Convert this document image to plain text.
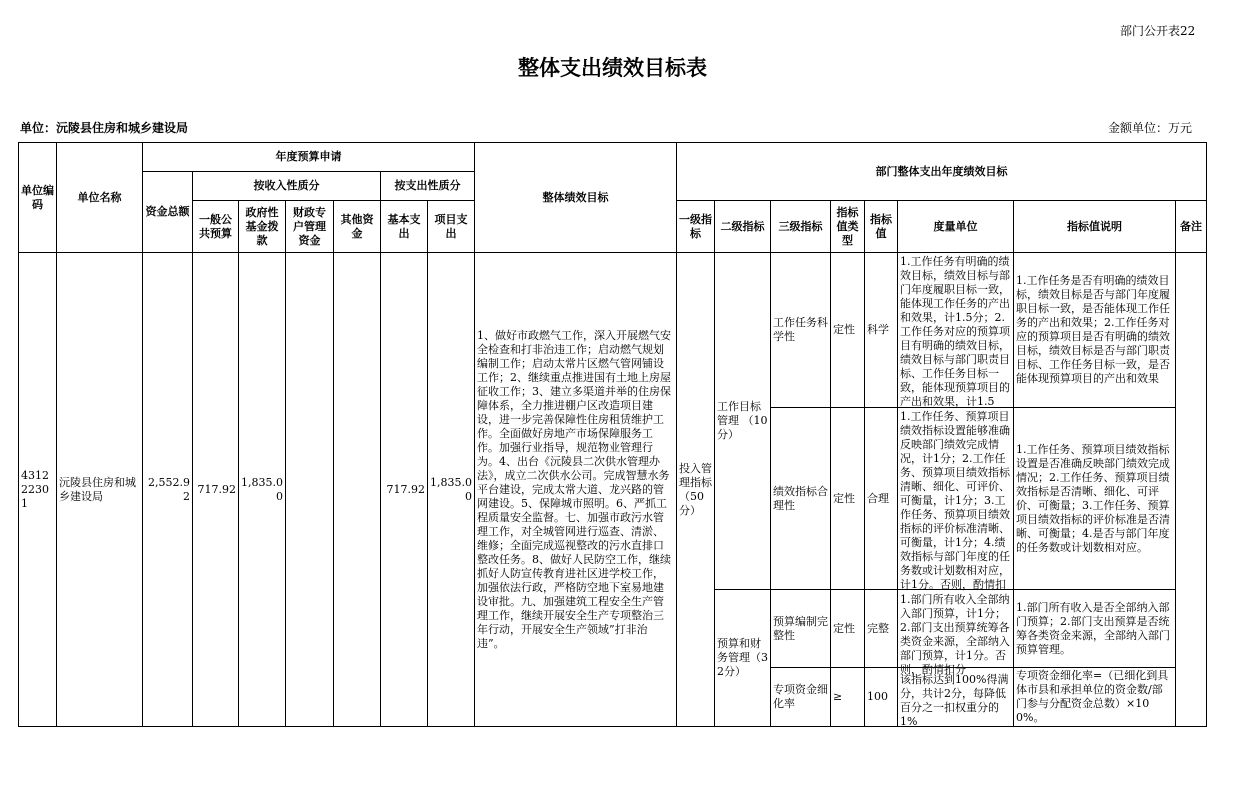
部门公开表22
整体支出绩效目标表
单位：沅陵县住房和城乡建设局	金额单位：万元
单位编码	单位名称	年度预算申请							整体绩效目标	部门整体支出年度绩效目标							
		资金总额	按收入性质分				按支出性质分										
			一般公共预算	政府性基金拨款	财政专户管理资金	其他资金	基本支出	项目支出		一级指标	二级指标	三级指标	指标值类型	指标值	度量单位	指标值说明	备注
431222301	沅陵县住房和城乡建设局	2,552.92	717.92	1,835.00			717.92	1,835.00	1、做好市政燃气工作，深入开展燃气安全检查和打非治违工作；启动燃气规划编制工作；启动太常片区燃气管网铺设工作；2、继续重点推进国有土地上房屋征收工作；3、建立多渠道并举的住房保障体系，全力推进棚户区改造项目建设，进一步完善保障性住房租赁维护工作。全面做好房地产市场保障服务工作。加强行业指导，规范物业管理行为。4、出台《沅陵县二次供水管理办法》，成立二次供水公司。完成智慧水务平台建设，完成太常大道、龙兴路的管网建设。5、保障城市照明。6、严抓工程质量安全监督。七、加强市政污水管理工作，对全城管网进行巡查、清淤、维修；全面完成巡视整改的污水直排口整改任务。8、做好人民防空工作，继续抓好人防宣传教育进社区进学校工作，加强依法行政，严格防空地下室易地建设审批。九、加强建筑工程安全生产管理工作，继续开展安全生产专项整治三年行动，开展安全生产领域”打非治违”。	投入管理指标（50分）	工作目标管理 （10分）	工作任务科学性	定性	科学	1.工作任务有明确的绩效目标，绩效目标与部门年度履职目标一致，能体现工作任务的产出和效果，计1.5分；2.工作任务对应的预算项目有明确的绩效目标，绩效目标与部门职责目标、工作任务目标一致，能体现预算项目的产出和效果，计1.5	1.工作任务是否有明确的绩效目标，绩效目标是否与部门年度履职目标一致，是否能体现工作任务的产出和效果；2.工作任务对应的预算项目是否有明确的绩效目标，绩效目标是否与部门职责目标、工作任务目标一致，是否能体现预算项目的产出和效果	
												绩效指标合理性	定性	合理	1.工作任务、预算项目绩效指标设置能够准确反映部门绩效完成情况，计1分；2.工作任务、预算项目绩效指标清晰、细化、可评价、可衡量，计1分；3.工作任务、预算项目绩效指标的评价标准清晰、可衡量，计1分；4.绩效指标与部门年度的任务数或计划数相对应，计1分。否则，酌情扣	1.工作任务、预算项目绩效指标设置是否准确反映部门绩效完成情况；2.工作任务、预算项目绩效指标是否清晰、细化、可评价、可衡量；3.工作任务、预算项目绩效指标的评价标准是否清晰、可衡量；4.是否与部门年度的任务数或计划数相对应。	
											预算和财务管理（32分）	预算编制完整性	定性	完整	1.部门所有收入全部纳入部门预算，计1分；2.部门支出预算统筹各类资金来源，全部纳入部门预算，计1分。否则，酌情扣分	1.部门所有收入是否全部纳入部门预算；2.部门支出预算是否统筹各类资金来源，全部纳入部门预算管理。	
												专项资金细化率	≥	100	该指标达到100%得满分，共计2分，每降低百分之一扣权重分的1%	专项资金细化率=（已细化到具体市县和承担单位的资金数/部门参与分配资金总数）×100%。	
